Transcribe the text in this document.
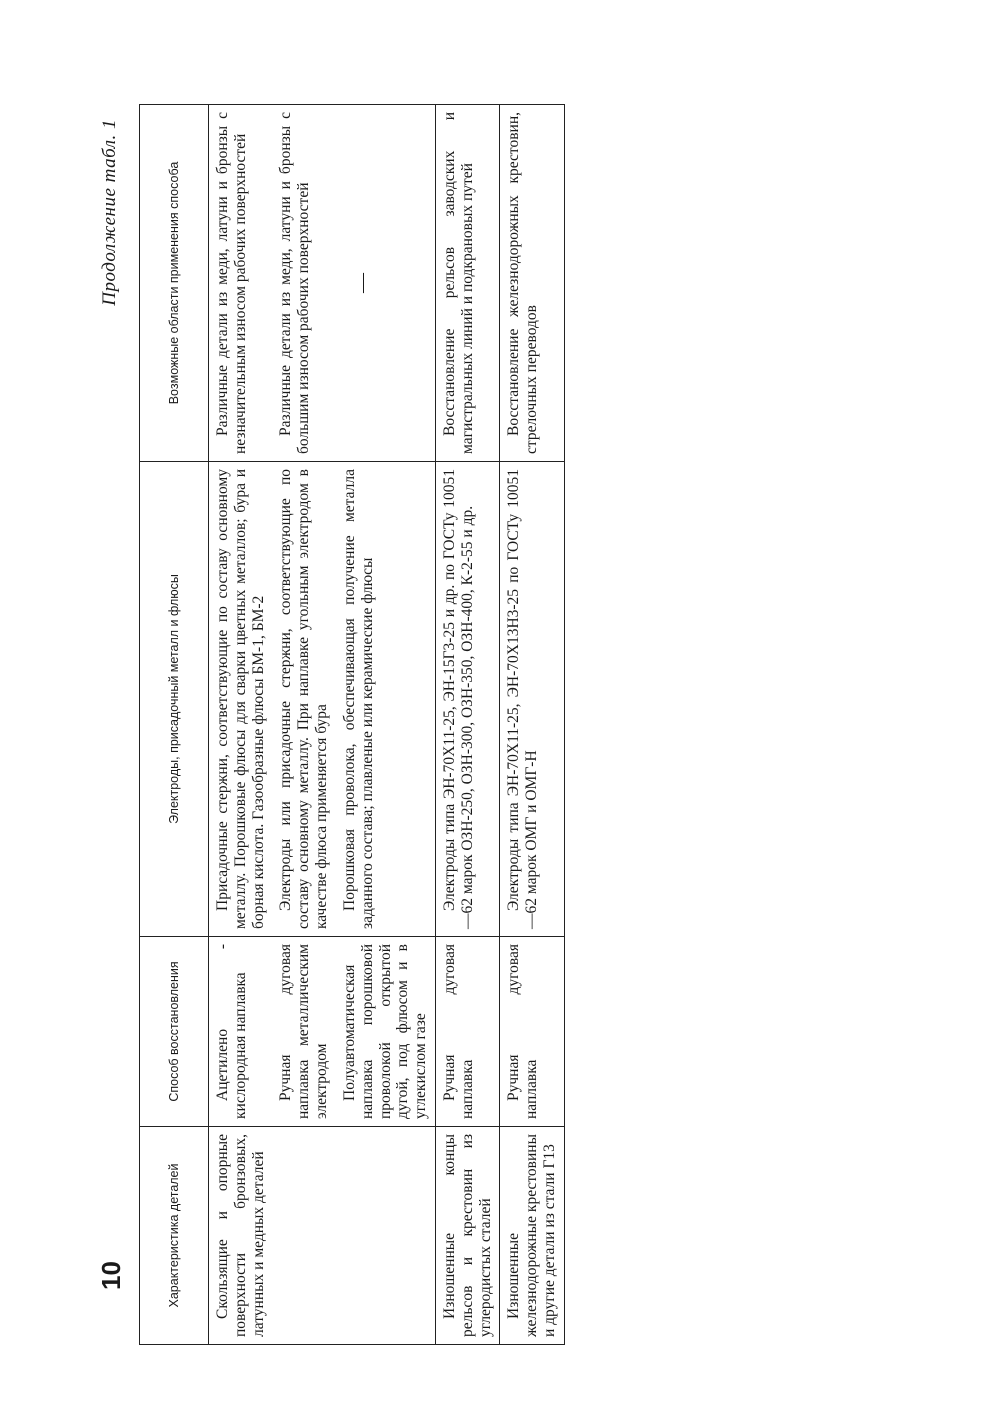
10
Продолжение табл. 1
Характеристика деталей	Способ восстановления	Электроды, присадочный металл и флюсы	Возможные области применения способа

Скользящие и опорные поверхности бронзовых, латунных и медных деталей	Ацетилено - кислородная наплавка	Присадочные стержни, соответствующие по составу основному металлу. Порошковые флюсы для сварки цветных металлов; бура и борная кислота. Газообразные флюсы БМ-1, БМ-2	Различные детали из меди, латуни и бронзы с незначительным износом рабочих поверхностей

	Ручная дуговая наплавка металлическим электродом	Электроды или присадочные стержни, соответствующие по составу основному металлу. При наплавке угольным электродом в качестве флюса применяется бура	Различные детали из меди, латуни и бронзы с большим износом рабочих поверхностей

	Полуавтоматическая наплавка порошковой проволокой открытой дугой, под флюсом и в углекислом газе	Порошковая проволока, обеспечивающая получение металла заданного состава; плавленые или керамические флюсы	—

Изношенные концы рельсов и крестовин из углеродистых сталей	Ручная дуговая наплавка	Электроды типа ЭН-70Х11-25, ЭН-15Г3-25 и др. по ГОСТу 10051—62 марок ОЗН-250, ОЗН-300, ОЗН-350, ОЗН-400, К-2-55 и др.	Восстановление рельсов заводских и магистральных линий и подкрановых путей

Изношенные железнодорожные крестовины и другие детали из стали Г13	Ручная дуговая наплавка	Электроды типа ЭН-70Х11-25, ЭН-70Х13Н3-25 по ГОСТу 10051—62 марок ОМГ и ОМГ-Н	Восстановление железнодорожных крестовин, стрелочных переводов
